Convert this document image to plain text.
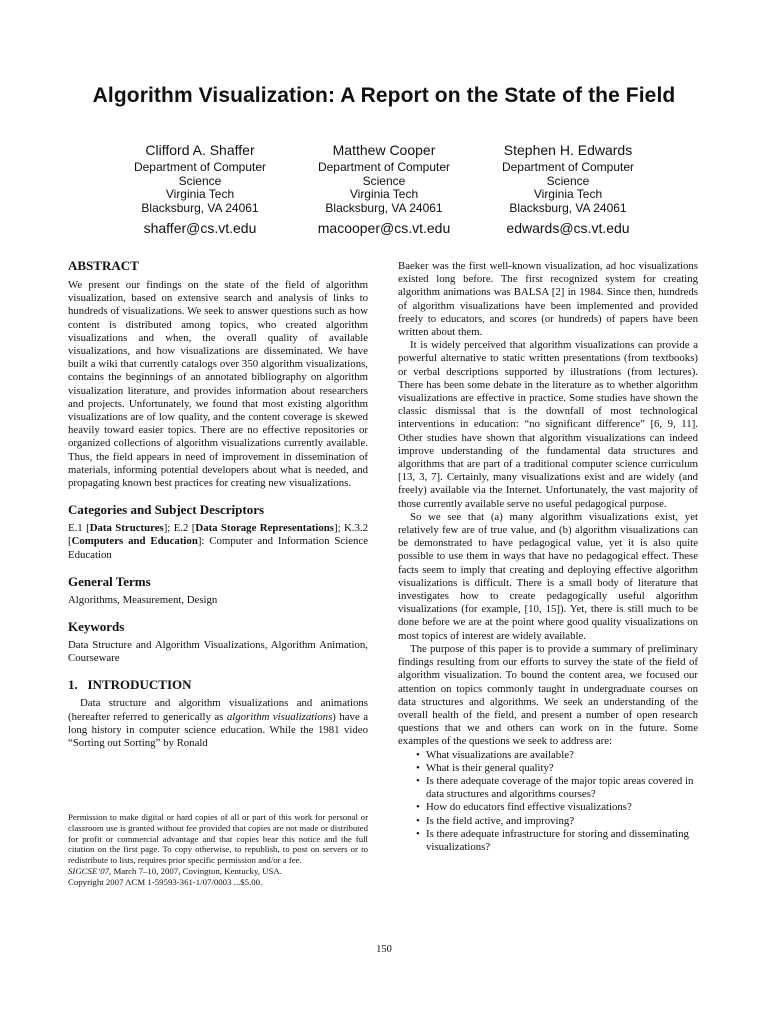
Algorithm Visualization: A Report on the State of the Field
Clifford A. Shaffer
Department of Computer
Science
Virginia Tech
Blacksburg, VA 24061
shaffer@cs.vt.edu
Matthew Cooper
Department of Computer
Science
Virginia Tech
Blacksburg, VA 24061
macooper@cs.vt.edu
Stephen H. Edwards
Department of Computer
Science
Virginia Tech
Blacksburg, VA 24061
edwards@cs.vt.edu
ABSTRACT

We present our findings on the state of the field of algorithm visualization, based on extensive search and analysis of links to hundreds of visualizations. We seek to answer questions such as how content is distributed among topics, who created algorithm visualizations and when, the overall quality of available visualizations, and how visualizations are disseminated. We have built a wiki that currently catalogs over 350 algorithm visualizations, contains the beginnings of an annotated bibliography on algorithm visualization literature, and provides information about researchers and projects. Unfortunately, we found that most existing algorithm visualizations are of low quality, and the content coverage is skewed heavily toward easier topics. There are no effective repositories or organized collections of algorithm visualizations currently available. Thus, the field appears in need of improvement in dissemination of materials, informing potential developers about what is needed, and propagating known best practices for creating new visualizations.

Categories and Subject Descriptors

E.1 [Data Structures]; E.2 [Data Storage Representations]; K.3.2 [Computers and Education]: Computer and Information Science Education

General Terms

Algorithms, Measurement, Design

Keywords

Data Structure and Algorithm Visualizations, Algorithm Animation, Courseware

1.   INTRODUCTION

Data structure and algorithm visualizations and animations (hereafter referred to generically as algorithm visualizations) have a long history in computer science education. While the 1981 video “Sorting out Sorting” by Ronald

Permission to make digital or hard copies of all or part of this work for personal or classroom use is granted without fee provided that copies are not made or distributed for profit or commercial advantage and that copies bear this notice and the full citation on the first page. To copy otherwise, to republish, to post on servers or to redistribute to lists, requires prior specific permission and/or a fee.

SIGCSE’07, March 7–10, 2007, Covington, Kentucky, USA.

Copyright 2007 ACM 1-59593-361-1/07/0003 ...$5.00.

Baeker was the first well-known visualization, ad hoc visualizations existed long before. The first recognized system for creating algorithm animations was BALSA [2] in 1984. Since then, hundreds of algorithm visualizations have been implemented and provided freely to educators, and scores (or hundreds) of papers have been written about them.

It is widely perceived that algorithm visualizations can provide a powerful alternative to static written presentations (from textbooks) or verbal descriptions supported by illustrations (from lectures). There has been some debate in the literature as to whether algorithm visualizations are effective in practice. Some studies have shown the classic dismissal that is the downfall of most technological interventions in education: “no significant difference” [6, 9, 11]. Other studies have shown that algorithm visualizations can indeed improve understanding of the fundamental data structures and algorithms that are part of a traditional computer science curriculum [13, 3, 7]. Certainly, many visualizations exist and are widely (and freely) available via the Internet. Unfortunately, the vast majority of those currently available serve no useful pedagogical purpose.

So we see that (a) many algorithm visualizations exist, yet relatively few are of true value, and (b) algorithm visualizations can be demonstrated to have pedagogical value, yet it is also quite possible to use them in ways that have no pedagogical effect. These facts seem to imply that creating and deploying effective algorithm visualizations is difficult. There is a small body of literature that investigates how to create pedagogically useful algorithm visualizations (for example, [10, 15]). Yet, there is still much to be done before we are at the point where good quality visualizations on most topics of interest are widely available.

The purpose of this paper is to provide a summary of preliminary findings resulting from our efforts to survey the state of the field of algorithm visualization. To bound the content area, we focused our attention on topics commonly taught in undergraduate courses on data structures and algorithms. We seek an understanding of the overall health of the field, and present a number of open research questions that we and others can work on in the future. Some examples of the questions we seek to address are:

• What visualizations are available?
• What is their general quality?
• Is there adequate coverage of the major topic areas covered in data structures and algorithms courses?
• How do educators find effective visualizations?
• Is the field active, and improving?
• Is there adequate infrastructure for storing and disseminating visualizations?
150
